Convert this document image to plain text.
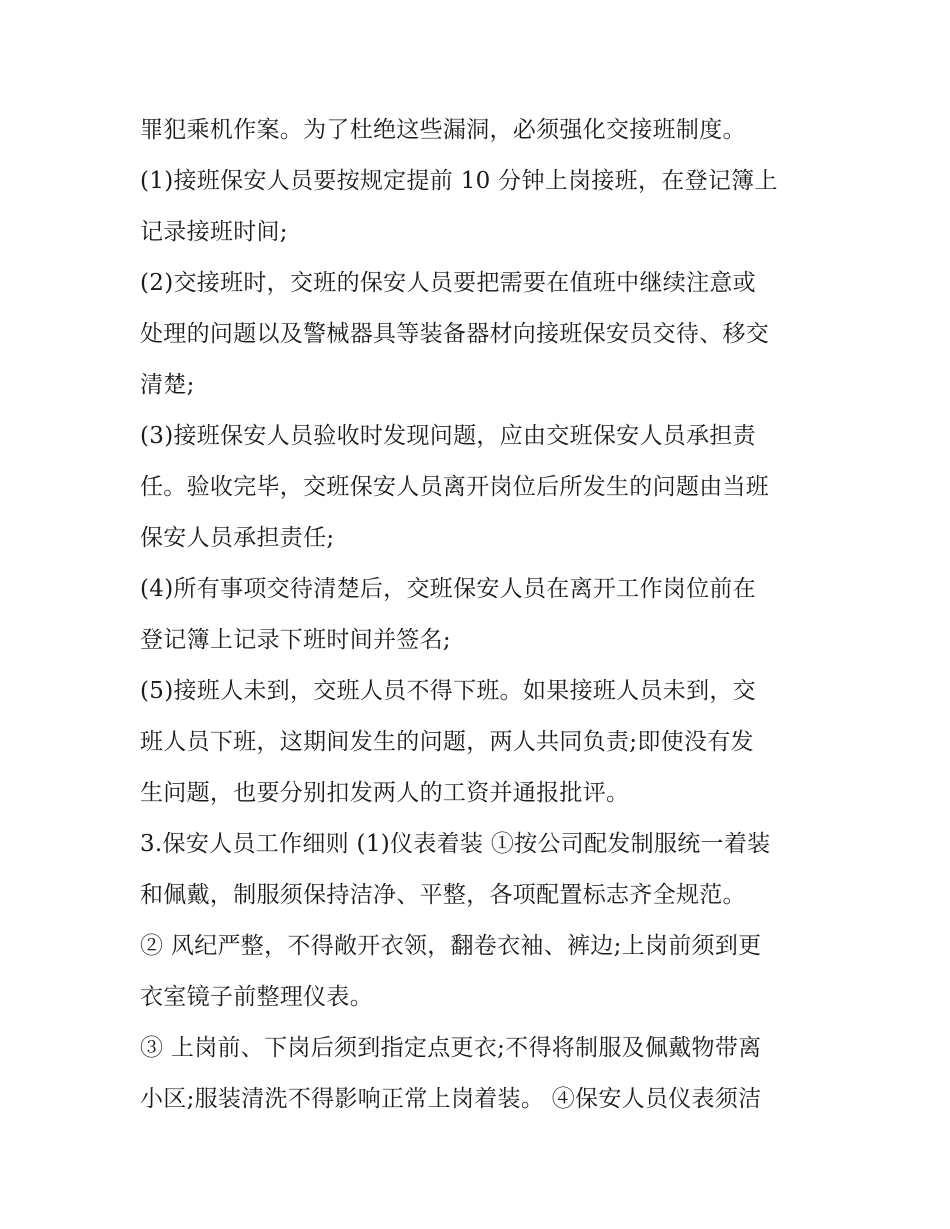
罪犯乘机作案。为了杜绝这些漏洞，必须强化交接班制度。
(1)接班保安人员要按规定提前 10 分钟上岗接班，在登记簿上
记录接班时间;
(2)交接班时，交班的保安人员要把需要在值班中继续注意或
处理的问题以及警械器具等装备器材向接班保安员交待、移交
清楚;
(3)接班保安人员验收时发现问题，应由交班保安人员承担责
任。验收完毕，交班保安人员离开岗位后所发生的问题由当班
保安人员承担责任;
(4)所有事项交待清楚后，交班保安人员在离开工作岗位前在
登记簿上记录下班时间并签名;
(5)接班人未到，交班人员不得下班。如果接班人员未到，交
班人员下班，这期间发生的问题，两人共同负责;即使没有发
生问题，也要分别扣发两人的工资并通报批评。
3.保安人员工作细则 (1)仪表着装 ①按公司配发制服统一着装
和佩戴，制服须保持洁净、平整，各项配置标志齐全规范。
② 风纪严整，不得敞开衣领，翻卷衣袖、裤边;上岗前须到更
衣室镜子前整理仪表。
③ 上岗前、下岗后须到指定点更衣;不得将制服及佩戴物带离
小区;服装清洗不得影响正常上岗着装。 ④保安人员仪表须洁
